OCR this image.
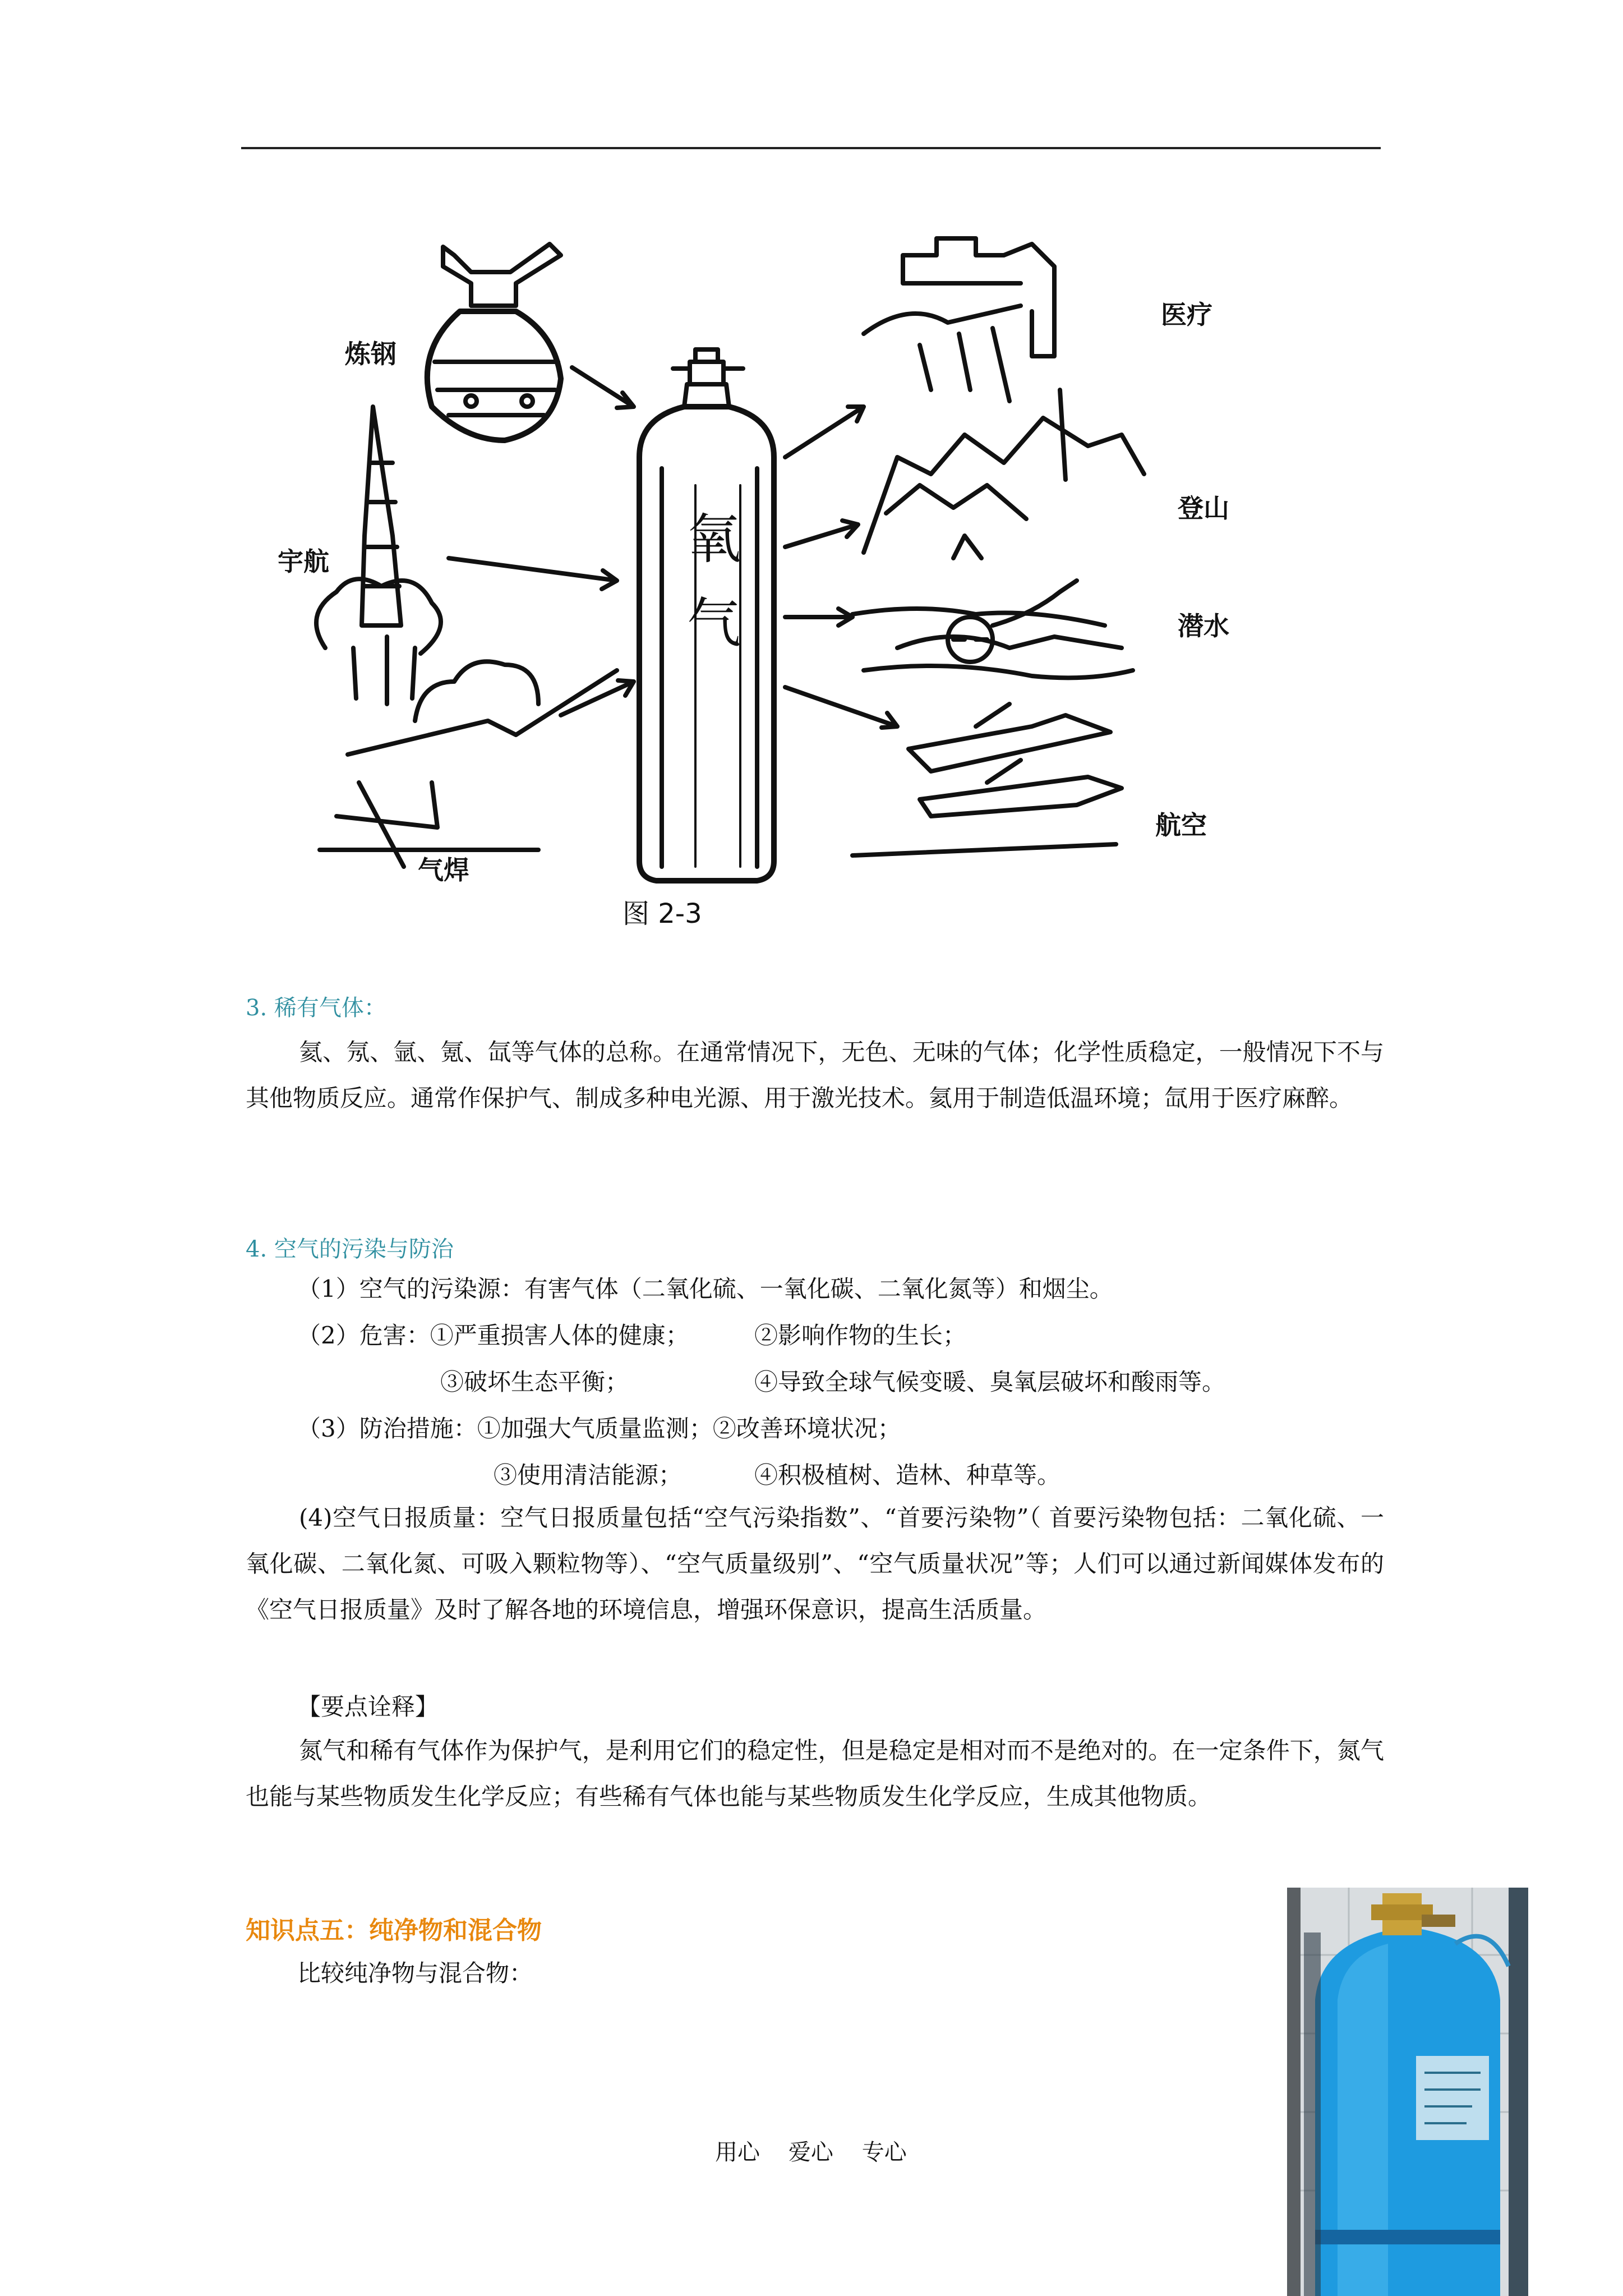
炼钢
宇航
气焊
医疗
登山
潜水
航空
氧
气
图 2-3
3. 稀有气体：
氦、氖、氩、氪、氙等气体的总称。在通常情况下，无色、无味的气体；化学性质稳定，一般情况下不与其他物质反应。通常作保护气、制成多种电光源、用于激光技术。氦用于制造低温环境；氙用于医疗麻醉。
4. 空气的污染与防治
（1）空气的污染源：有害气体（二氧化硫、一氧化碳、二氧化氮等）和烟尘。
（2）危害：①严重损害人体的健康；	②影响作物的生长；
③破坏生态平衡；	④导致全球气候变暖、臭氧层破坏和酸雨等。
（3）防治措施：①加强大气质量监测；②改善环境状况；
③使用清洁能源；	④积极植树、造林、种草等。
(4)空气日报质量：空气日报质量包括“空气污染指数”、“首要污染物”（ 首要污染物包括：二氧化硫、一氧化碳、二氧化氮、可吸入颗粒物等）、“空气质量级别”、“空气质量状况”等；人们可以通过新闻媒体发布的《空气日报质量》及时了解各地的环境信息，增强环保意识，提高生活质量。
【要点诠释】
氮气和稀有气体作为保护气，是利用它们的稳定性，但是稳定是相对而不是绝对的。在一定条件下，氮气也能与某些物质发生化学反应；有些稀有气体也能与某些物质发生化学反应，生成其他物质。
知识点五：纯净物和混合物
比较纯净物与混合物：
用心    爱心    专心
